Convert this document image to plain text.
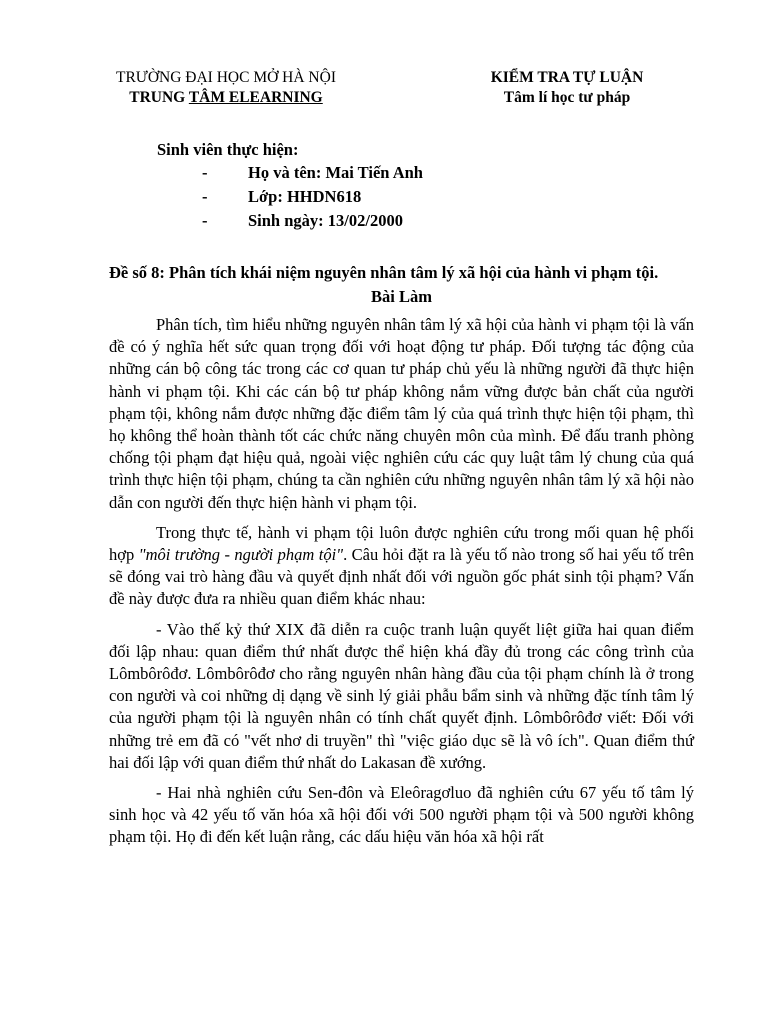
TRƯỜNG ĐẠI HỌC MỞ HÀ NỘI
TRUNG TÂM ELEARNING
KIỂM TRA TỰ LUẬN
Tâm lí học tư pháp
Sinh viên thực hiện:
-	Họ và tên: Mai Tiến Anh
-	Lớp: HHDN618
-	Sinh ngày: 13/02/2000

Đề số 8: Phân tích khái niệm nguyên nhân tâm lý xã hội của hành vi phạm tội.

Bài Làm

Phân tích, tìm hiểu những nguyên nhân tâm lý xã hội của hành vi phạm tội là vấn đề có ý nghĩa hết sức quan trọng đối với hoạt động tư pháp. Đối tượng tác động của những cán bộ công tác trong các cơ quan tư pháp chủ yếu là những người đã thực hiện hành vi phạm tội. Khi các cán bộ tư pháp không nắm vững được bản chất của người phạm tội, không nắm được những đặc điểm tâm lý của quá trình thực hiện tội phạm, thì họ không thể hoàn thành tốt các chức năng chuyên môn của mình. Để đấu tranh phòng chống tội phạm đạt hiệu quả, ngoài việc nghiên cứu các quy luật tâm lý chung của quá trình thực hiện tội phạm, chúng ta cần nghiên cứu những nguyên nhân tâm lý xã hội nào dẫn con người đến thực hiện hành vi phạm tội.

Trong thực tế, hành vi phạm tội luôn được nghiên cứu trong mối quan hệ phối hợp "môi trường - người phạm tội". Câu hỏi đặt ra là yếu tố nào trong số hai yếu tố trên sẽ đóng vai trò hàng đầu và quyết định nhất đối với nguồn gốc phát sinh tội phạm? Vấn đề này được đưa ra nhiều quan điểm khác nhau:

- Vào thế kỷ thứ XIX đã diễn ra cuộc tranh luận quyết liệt giữa hai quan điểm đối lập nhau: quan điểm thứ nhất được thể hiện khá đầy đủ trong các công trình của Lômbôrôđơ. Lômbôrôđơ cho rằng nguyên nhân hàng đầu của tội phạm chính là ở trong con người và coi những dị dạng về sinh lý giải phẫu bẩm sinh và những đặc tính tâm lý của người phạm tội là nguyên nhân có tính chất quyết định. Lômbôrôđơ viết: Đối với những trẻ em đã có "vết nhơ di truyền" thì "việc giáo dục sẽ là vô ích". Quan điểm thứ hai đối lập với quan điểm thứ nhất do Lakasan đề xướng.

- Hai nhà nghiên cứu Sen-đôn và Eleôragơluo đã nghiên cứu 67 yếu tố tâm lý sinh học và 42 yếu tố văn hóa xã hội đối với 500 người phạm tội và 500 người không phạm tội. Họ đi đến kết luận rằng, các dấu hiệu văn hóa xã hội rất
